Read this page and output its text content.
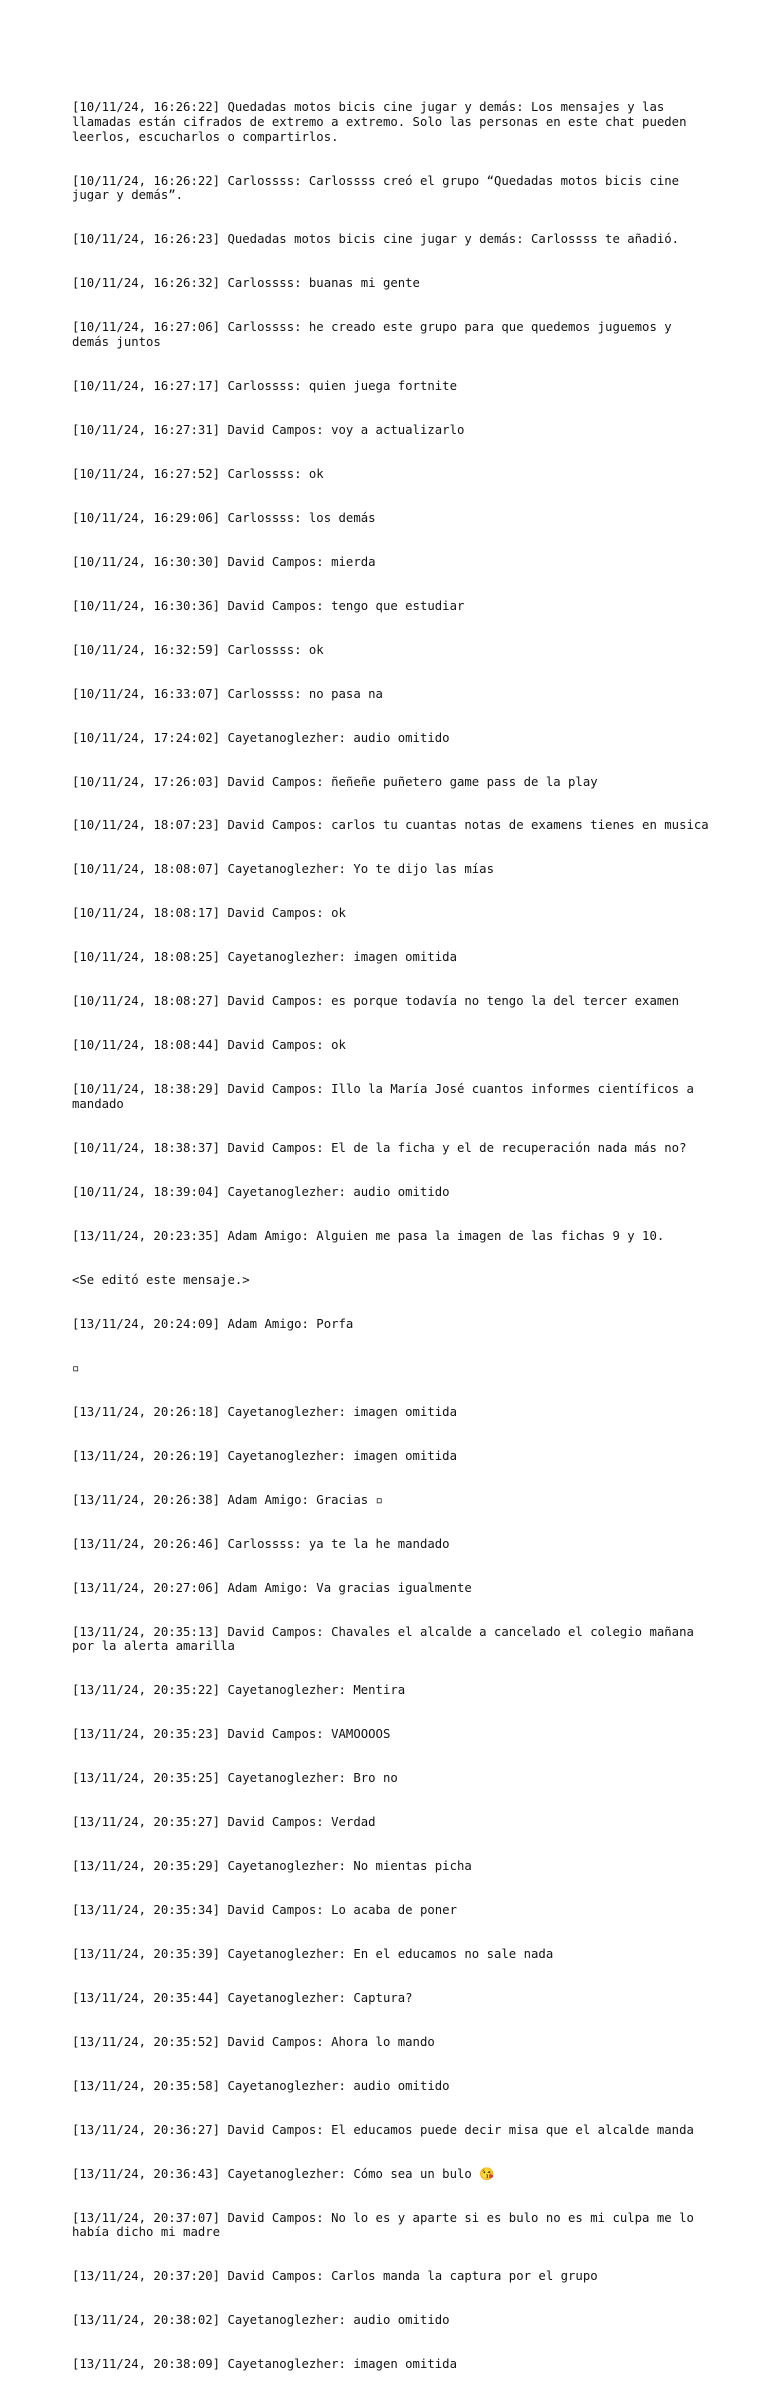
[10/11/24, 16:26:22] Quedadas motos bicis cine jugar y demás: Los mensajes y las llamadas están cifrados de extremo a extremo. Solo las personas en este chat pueden leerlos, escucharlos o compartirlos.

[10/11/24, 16:26:22] Carlossss: Carlossss creó el grupo “Quedadas motos bicis cine jugar y demás”.

[10/11/24, 16:26:23] Quedadas motos bicis cine jugar y demás: Carlossss te añadió.

[10/11/24, 16:26:32] Carlossss: buanas mi gente

[10/11/24, 16:27:06] Carlossss: he creado este grupo para que quedemos juguemos y demás juntos

[10/11/24, 16:27:17] Carlossss: quien juega fortnite

[10/11/24, 16:27:31] David Campos: voy a actualizarlo

[10/11/24, 16:27:52] Carlossss: ok

[10/11/24, 16:29:06] Carlossss: los demás

[10/11/24, 16:30:30] David Campos: mierda

[10/11/24, 16:30:36] David Campos: tengo que estudiar

[10/11/24, 16:32:59] Carlossss: ok

[10/11/24, 16:33:07] Carlossss: no pasa na

[10/11/24, 17:24:02] Cayetanoglezher: audio omitido

[10/11/24, 17:26:03] David Campos: ñeñeñe puñetero game pass de la play

[10/11/24, 18:07:23] David Campos: carlos tu cuantas notas de examens tienes en musica

[10/11/24, 18:08:07] Cayetanoglezher: Yo te dijo las mías

[10/11/24, 18:08:17] David Campos: ok

[10/11/24, 18:08:25] Cayetanoglezher: imagen omitida

[10/11/24, 18:08:27] David Campos: es porque todavía no tengo la del tercer examen

[10/11/24, 18:08:44] David Campos: ok

[10/11/24, 18:38:29] David Campos: Illo la María José cuantos informes científicos a mandado

[10/11/24, 18:38:37] David Campos: El de la ficha y el de recuperación nada más no?

[10/11/24, 18:39:04] Cayetanoglezher: audio omitido

[13/11/24, 20:23:35] Adam Amigo: Alguien me pasa la imagen de las fichas 9 y 10.

<Se editó este mensaje.>

[13/11/24, 20:24:09] Adam Amigo: Porfa

▫

[13/11/24, 20:26:18] Cayetanoglezher: imagen omitida

[13/11/24, 20:26:19] Cayetanoglezher: imagen omitida

[13/11/24, 20:26:38] Adam Amigo: Gracias ▫

[13/11/24, 20:26:46] Carlossss: ya te la he mandado

[13/11/24, 20:27:06] Adam Amigo: Va gracias igualmente

[13/11/24, 20:35:13] David Campos: Chavales el alcalde a cancelado el colegio mañana por la alerta amarilla

[13/11/24, 20:35:22] Cayetanoglezher: Mentira

[13/11/24, 20:35:23] David Campos: VAMOOOOS

[13/11/24, 20:35:25] Cayetanoglezher: Bro no

[13/11/24, 20:35:27] David Campos: Verdad

[13/11/24, 20:35:29] Cayetanoglezher: No mientas picha

[13/11/24, 20:35:34] David Campos: Lo acaba de poner

[13/11/24, 20:35:39] Cayetanoglezher: En el educamos no sale nada

[13/11/24, 20:35:44] Cayetanoglezher: Captura?

[13/11/24, 20:35:52] David Campos: Ahora lo mando

[13/11/24, 20:35:58] Cayetanoglezher: audio omitido

[13/11/24, 20:36:27] David Campos: El educamos puede decir misa que el alcalde manda

[13/11/24, 20:36:43] Cayetanoglezher: Cómo sea un bulo 😘

[13/11/24, 20:37:07] David Campos: No lo es y aparte si es bulo no es mi culpa me lo había dicho mi madre

[13/11/24, 20:37:20] David Campos: Carlos manda la captura por el grupo

[13/11/24, 20:38:02] Cayetanoglezher: audio omitido

[13/11/24, 20:38:09] Cayetanoglezher: imagen omitida
